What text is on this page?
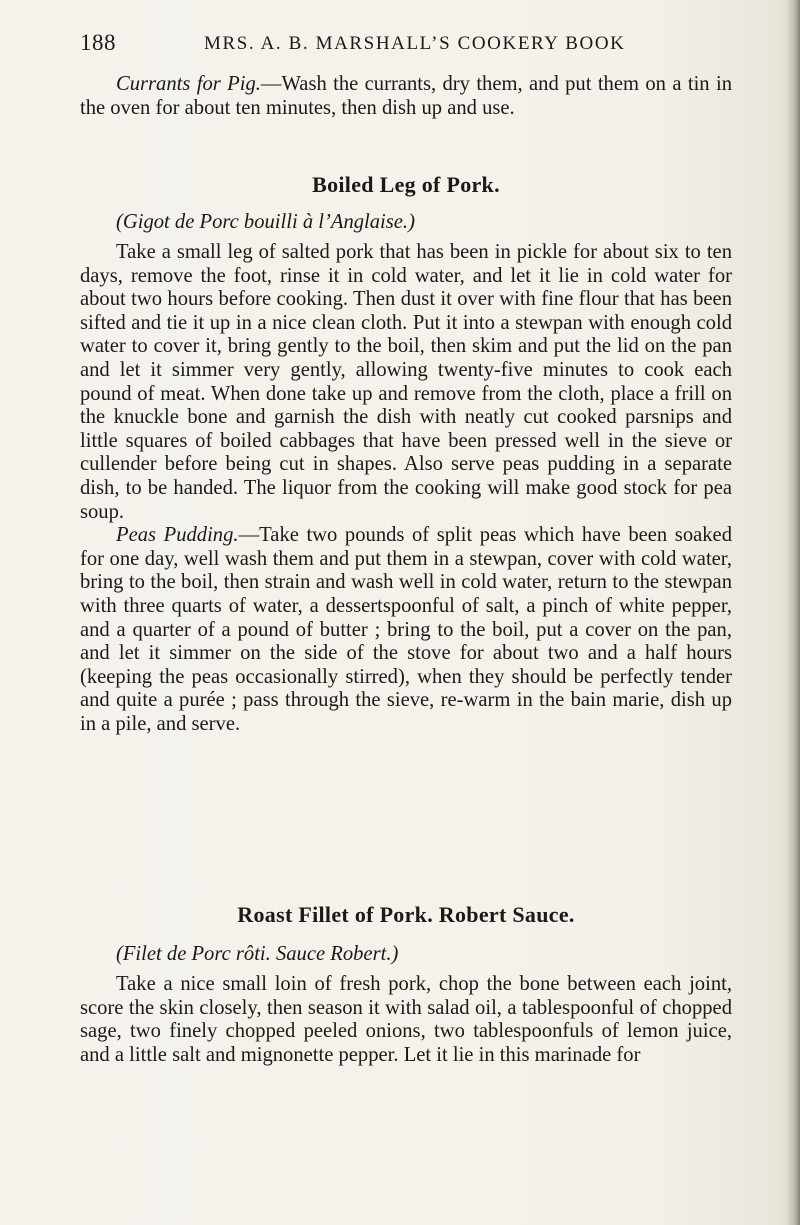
188	MRS. A. B. MARSHALL’S COOKERY BOOK

Currants for Pig.—Wash the currants, dry them, and put them on a tin in the oven for about ten minutes, then dish up and use.

Boiled Leg of Pork.
(Gigot de Porc bouilli à l’Anglaise.)

Take a small leg of salted pork that has been in pickle for about six to ten days, remove the foot, rinse it in cold water, and let it lie in cold water for about two hours before cooking. Then dust it over with fine flour that has been sifted and tie it up in a nice clean cloth. Put it into a stewpan with enough cold water to cover it, bring gently to the boil, then skim and put the lid on the pan and let it simmer very gently, allowing twenty-five minutes to cook each pound of meat. When done take up and remove from the cloth, place a frill on the knuckle bone and garnish the dish with neatly cut cooked parsnips and little squares of boiled cabbages that have been pressed well in the sieve or cullender before being cut in shapes. Also serve peas pudding in a separate dish, to be handed. The liquor from the cooking will make good stock for pea soup.

Peas Pudding.—Take two pounds of split peas which have been soaked for one day, well wash them and put them in a stewpan, cover with cold water, bring to the boil, then strain and wash well in cold water, return to the stewpan with three quarts of water, a dessertspoonful of salt, a pinch of white pepper, and a quarter of a pound of butter ; bring to the boil, put a cover on the pan, and let it simmer on the side of the stove for about two and a half hours (keeping the peas occasionally stirred), when they should be perfectly tender and quite a purée ; pass through the sieve, re-warm in the bain marie, dish up in a pile, and serve.

Roast Fillet of Pork. Robert Sauce.
(Filet de Porc rôti. Sauce Robert.)

Take a nice small loin of fresh pork, chop the bone between each joint, score the skin closely, then season it with salad oil, a tablespoonful of chopped sage, two finely chopped peeled onions, two tablespoonfuls of lemon juice, and a little salt and mignonette pepper. Let it lie in this marinade for
